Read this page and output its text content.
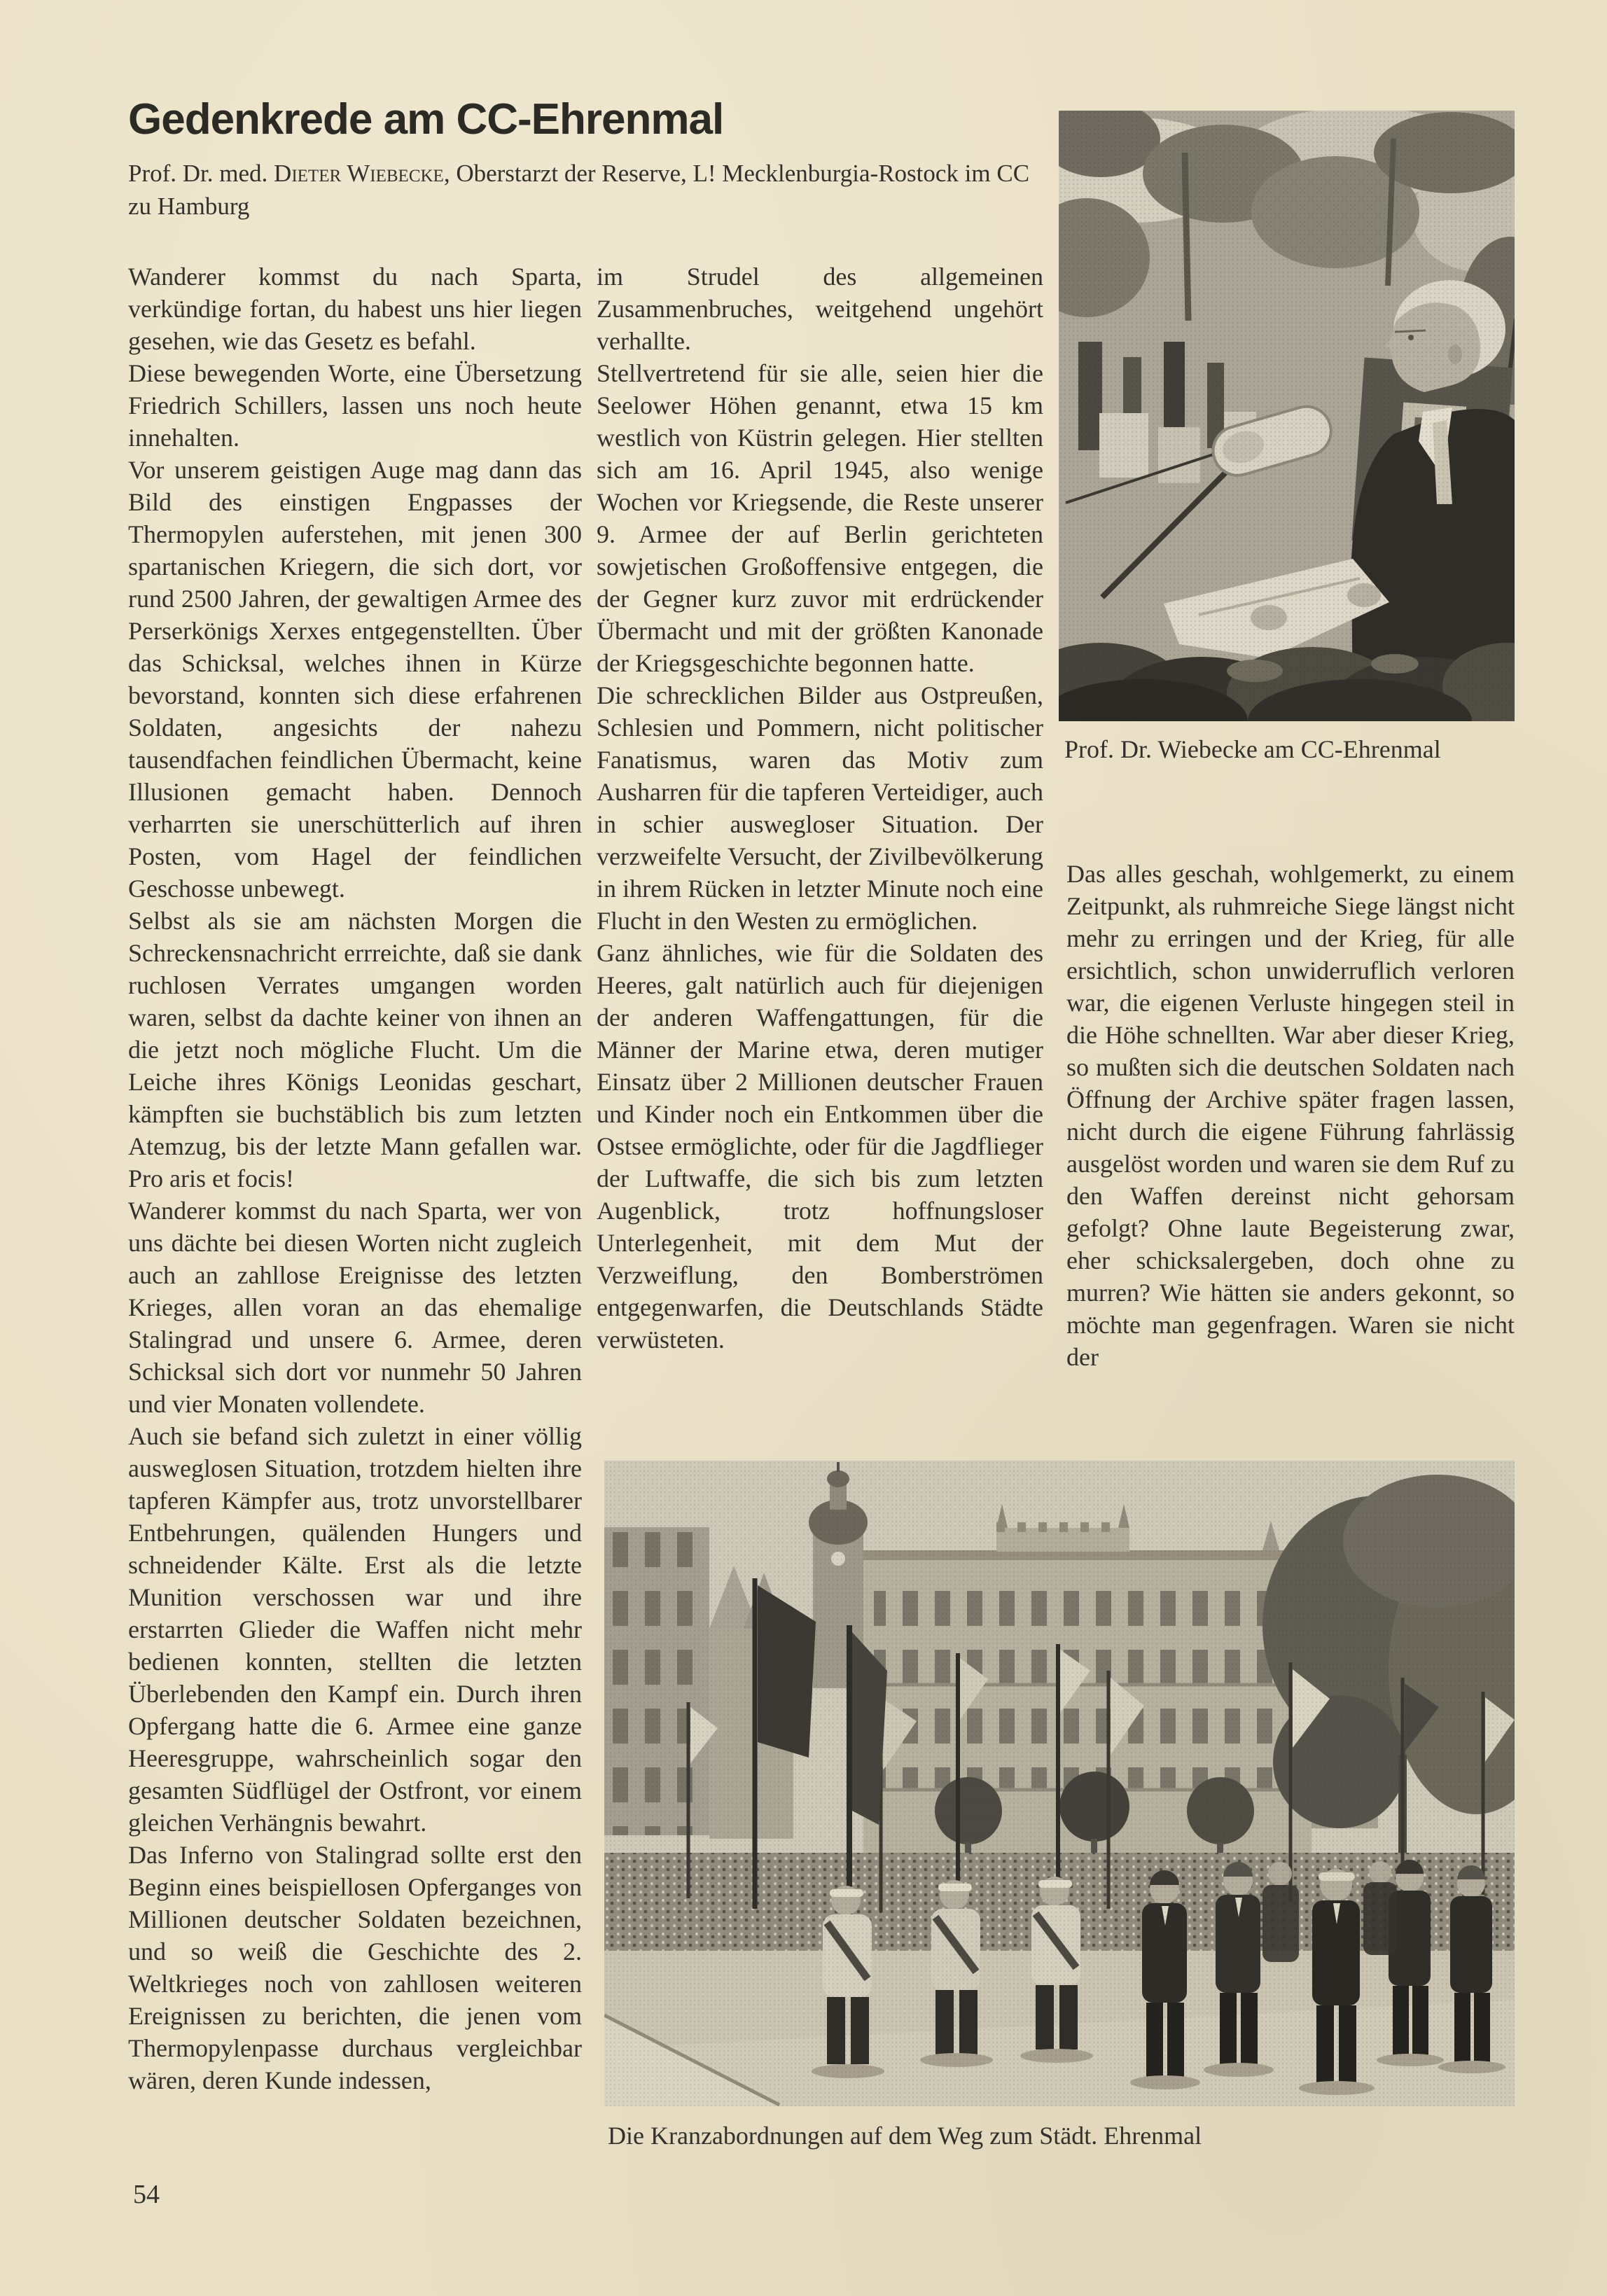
Gedenkrede am CC-Ehrenmal
Prof. Dr. med. Dieter Wiebecke, Oberstarzt der Reserve, L! Mecklenburgia-Rostock im CC zu Hamburg

Wanderer kommst du nach Sparta, verkündige fortan, du habest uns hier liegen gesehen, wie das Gesetz es befahl.

Diese bewegenden Worte, eine Übersetzung Friedrich Schillers, lassen uns noch heute innehalten.

Vor unserem geistigen Auge mag dann das Bild des einstigen Engpasses der Thermopylen auferstehen, mit jenen 300 spartanischen Kriegern, die sich dort, vor rund 2500 Jahren, der gewaltigen Armee des Perserkönigs Xerxes entgegenstellten. Über das Schicksal, welches ihnen in Kürze bevorstand, konnten sich diese erfahrenen Soldaten, angesichts der nahezu tausendfachen feindlichen Übermacht, keine Illusionen gemacht haben. Dennoch verharrten sie unerschütterlich auf ihren Posten, vom Hagel der feindlichen Geschosse unbewegt.

Selbst als sie am nächsten Morgen die Schreckensnachricht errreichte, daß sie dank ruchlosen Verrates umgangen worden waren, selbst da dachte keiner von ihnen an die jetzt noch mögliche Flucht. Um die Leiche ihres Königs Leonidas geschart, kämpften sie buchstäblich bis zum letzten Atemzug, bis der letzte Mann gefallen war. Pro aris et focis!

Wanderer kommst du nach Sparta, wer von uns dächte bei diesen Worten nicht zugleich auch an zahllose Ereignisse des letzten Krieges, allen voran an das ehemalige Stalingrad und unsere 6. Armee, deren Schicksal sich dort vor nunmehr 50 Jahren und vier Monaten vollendete.

Auch sie befand sich zuletzt in einer völlig ausweglosen Situation, trotzdem hielten ihre tapferen Kämpfer aus, trotz unvorstellbarer Entbehrungen, quälenden Hungers und schneidender Kälte. Erst als die letzte Munition verschossen war und ihre erstarrten Glieder die Waffen nicht mehr bedienen konnten, stellten die letzten Überlebenden den Kampf ein. Durch ihren Opfergang hatte die 6. Armee eine ganze Heeresgruppe, wahrscheinlich sogar den gesamten Südflügel der Ostfront, vor einem gleichen Verhängnis bewahrt.

Das Inferno von Stalingrad sollte erst den Beginn eines beispiellosen Opferganges von Millionen deutscher Soldaten bezeichnen, und so weiß die Geschichte des 2. Weltkrieges noch von zahllosen weiteren Ereignissen zu berichten, die jenen vom Thermopylenpasse durchaus vergleichbar wären, deren Kunde indessen,

im Strudel des allgemeinen Zusammenbruches, weitgehend ungehört verhallte.

Stellvertretend für sie alle, seien hier die Seelower Höhen genannt, etwa 15 km westlich von Küstrin gelegen. Hier stellten sich am 16. April 1945, also wenige Wochen vor Kriegsende, die Reste unserer 9. Armee der auf Berlin gerichteten sowjetischen Großoffensive entgegen, die der Gegner kurz zuvor mit erdrückender Übermacht und mit der größten Kanonade der Kriegsgeschichte begonnen hatte.

Die schrecklichen Bilder aus Ostpreußen, Schlesien und Pommern, nicht politischer Fanatismus, waren das Motiv zum Ausharren für die tapferen Verteidiger, auch in schier auswegloser Situation. Der verzweifelte Versucht, der Zivilbevölkerung in ihrem Rücken in letzter Minute noch eine Flucht in den Westen zu ermöglichen.

Ganz ähnliches, wie für die Soldaten des Heeres, galt natürlich auch für diejenigen der anderen Waffengattungen, für die Männer der Marine etwa, deren mutiger Einsatz über 2 Millionen deutscher Frauen und Kinder noch ein Entkommen über die Ostsee ermöglichte, oder für die Jagdflieger der Luftwaffe, die sich bis zum letzten Augenblick, trotz hoffnungsloser Unterlegenheit, mit dem Mut der Verzweiflung, den Bomberströmen entgegenwarfen, die Deutschlands Städte verwüsteten.

Das alles geschah, wohlgemerkt, zu einem Zeitpunkt, als ruhmreiche Siege längst nicht mehr zu erringen und der Krieg, für alle ersichtlich, schon unwiderruflich verloren war, die eigenen Verluste hingegen steil in die Höhe schnellten. War aber dieser Krieg, so mußten sich die deutschen Soldaten nach Öffnung der Archive später fragen lassen, nicht durch die eigene Führung fahrlässig ausgelöst worden und waren sie dem Ruf zu den Waffen dereinst nicht gehorsam gefolgt? Ohne laute Begeisterung zwar, eher schicksalergeben, doch ohne zu murren? Wie hätten sie anders gekonnt, so möchte man gegenfragen. Waren sie nicht der

Prof. Dr. Wiebecke am CC-Ehrenmal
Die Kranzabordnungen auf dem Weg zum Städt. Ehrenmal
54
